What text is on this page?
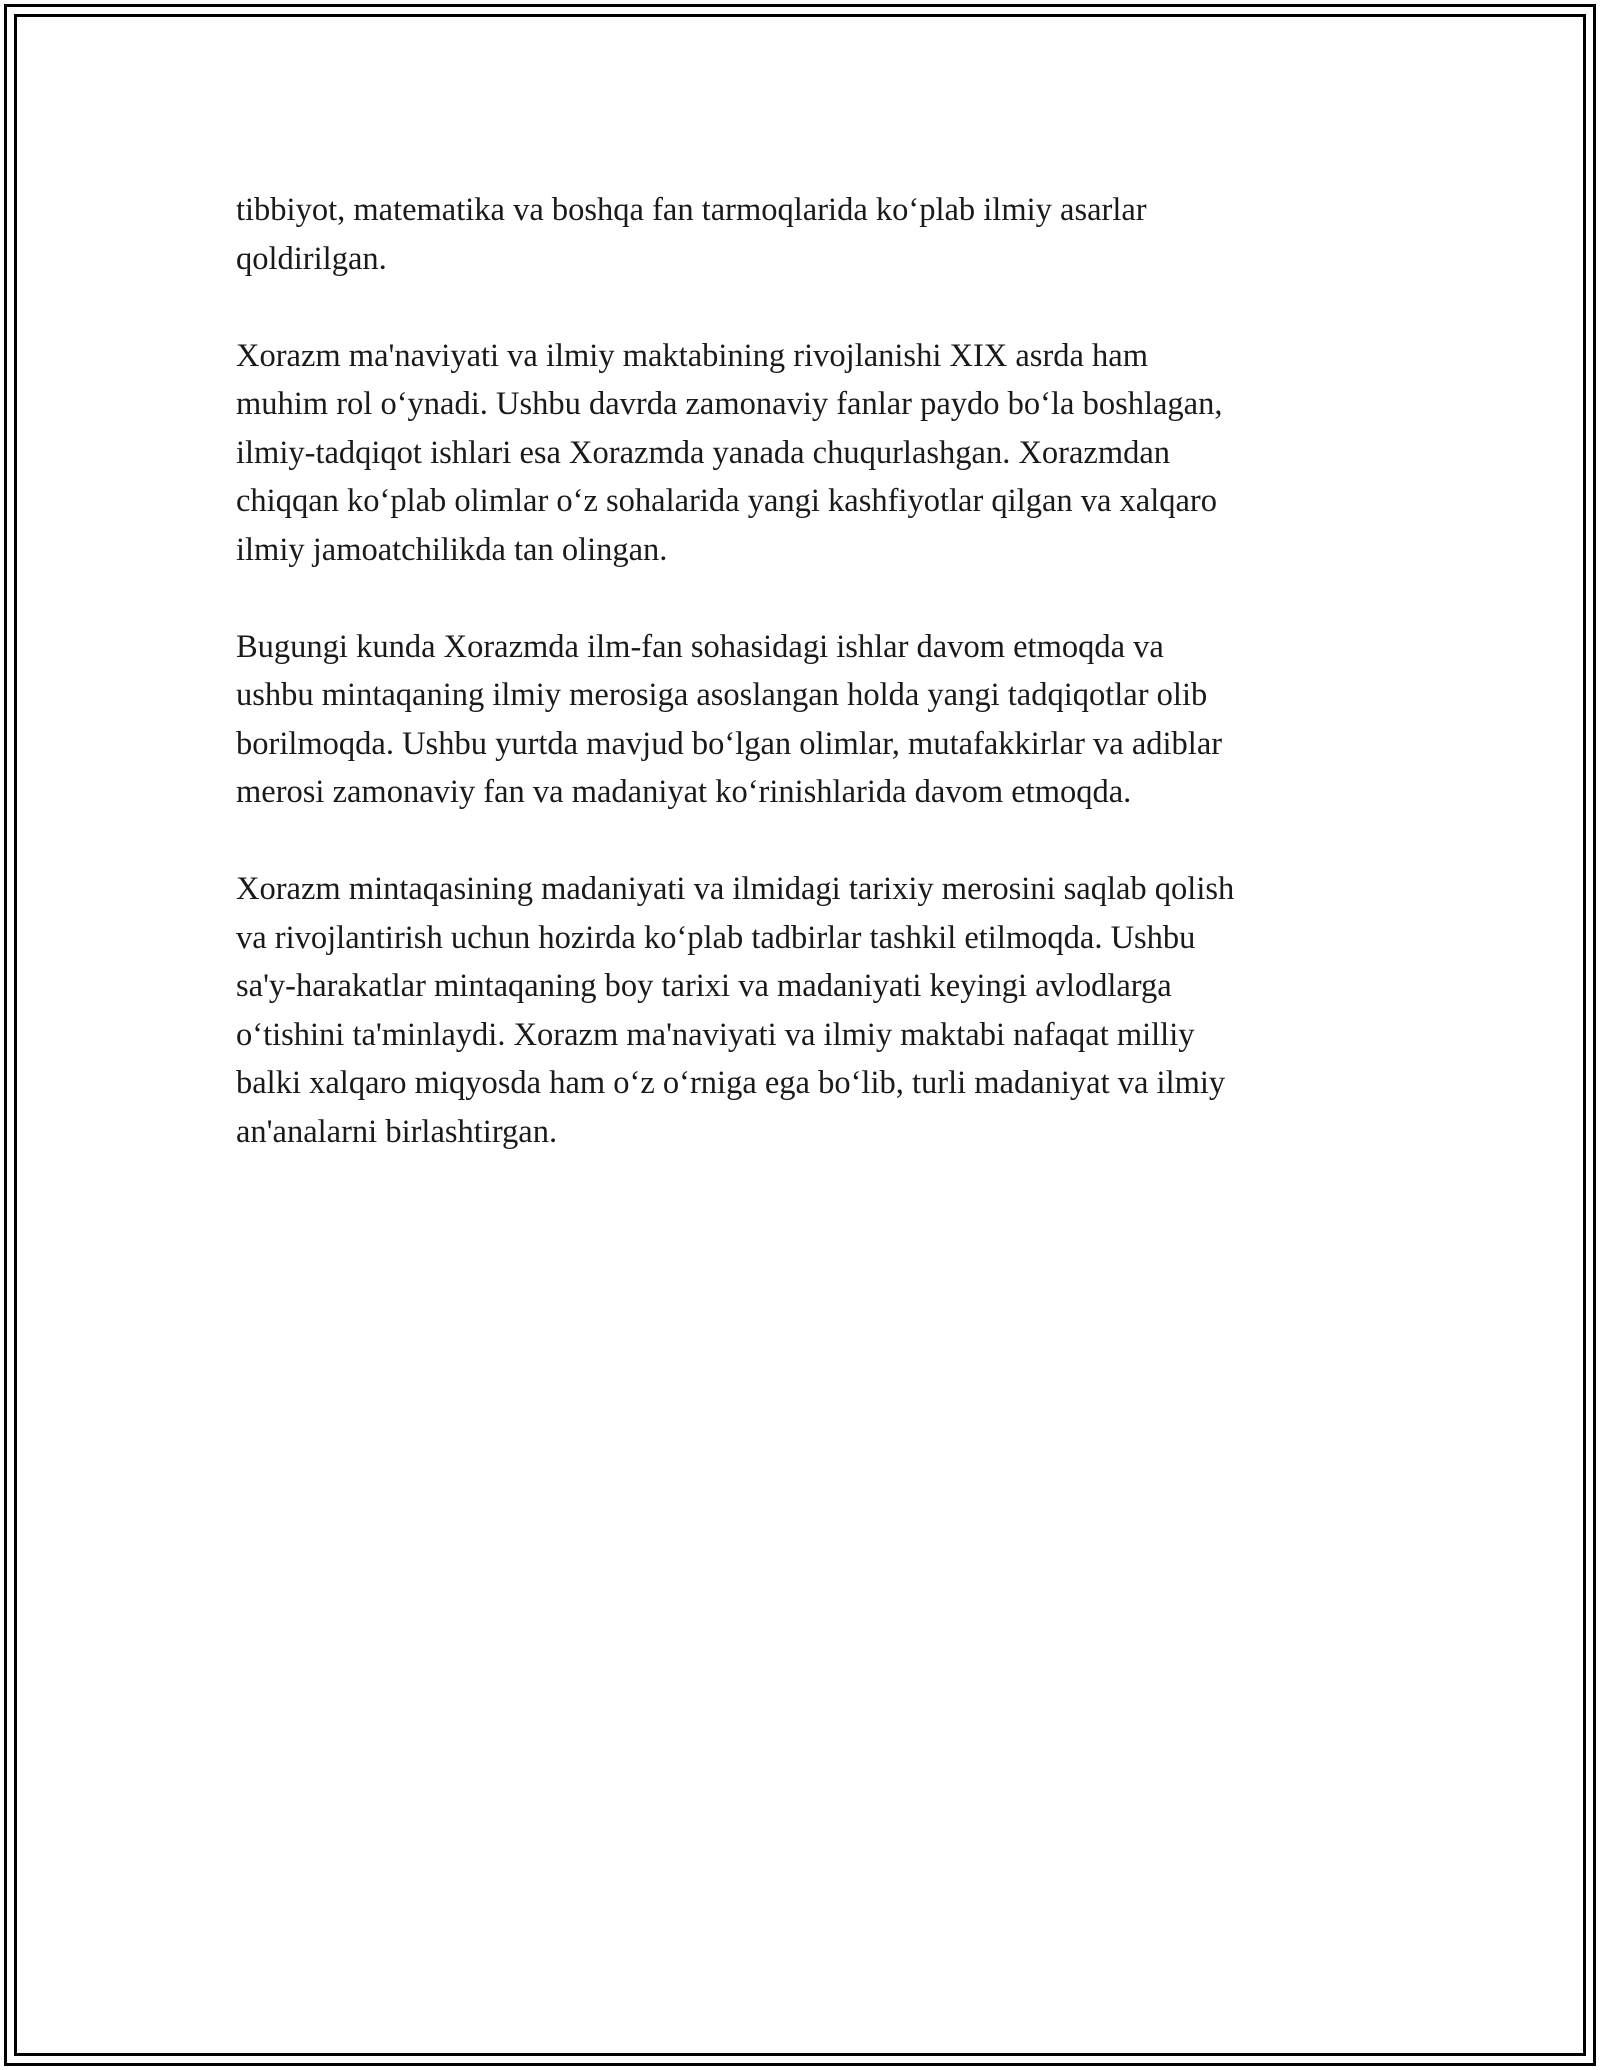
tibbiyot, matematika va boshqa fan tarmoqlarida ko‘plab ilmiy asarlar
qoldirilgan.

Xorazm ma'naviyati va ilmiy maktabining rivojlanishi XIX asrda ham
muhim rol o‘ynadi. Ushbu davrda zamonaviy fanlar paydo bo‘la boshlagan,
ilmiy-tadqiqot ishlari esa Xorazmda yanada chuqurlashgan. Xorazmdan
chiqqan ko‘plab olimlar o‘z sohalarida yangi kashfiyotlar qilgan va xalqaro
ilmiy jamoatchilikda tan olingan.

Bugungi kunda Xorazmda ilm-fan sohasidagi ishlar davom etmoqda va
ushbu mintaqaning ilmiy merosiga asoslangan holda yangi tadqiqotlar olib
borilmoqda. Ushbu yurtda mavjud bo‘lgan olimlar, mutafakkirlar va adiblar
merosi zamonaviy fan va madaniyat ko‘rinishlarida davom etmoqda.

Xorazm mintaqasining madaniyati va ilmidagi tarixiy merosini saqlab qolish
va rivojlantirish uchun hozirda ko‘plab tadbirlar tashkil etilmoqda. Ushbu
sa'y-harakatlar mintaqaning boy tarixi va madaniyati keyingi avlodlarga
o‘tishini ta'minlaydi. Xorazm ma'naviyati va ilmiy maktabi nafaqat milliy
balki xalqaro miqyosda ham o‘z o‘rniga ega bo‘lib, turli madaniyat va ilmiy
an'analarni birlashtirgan.
